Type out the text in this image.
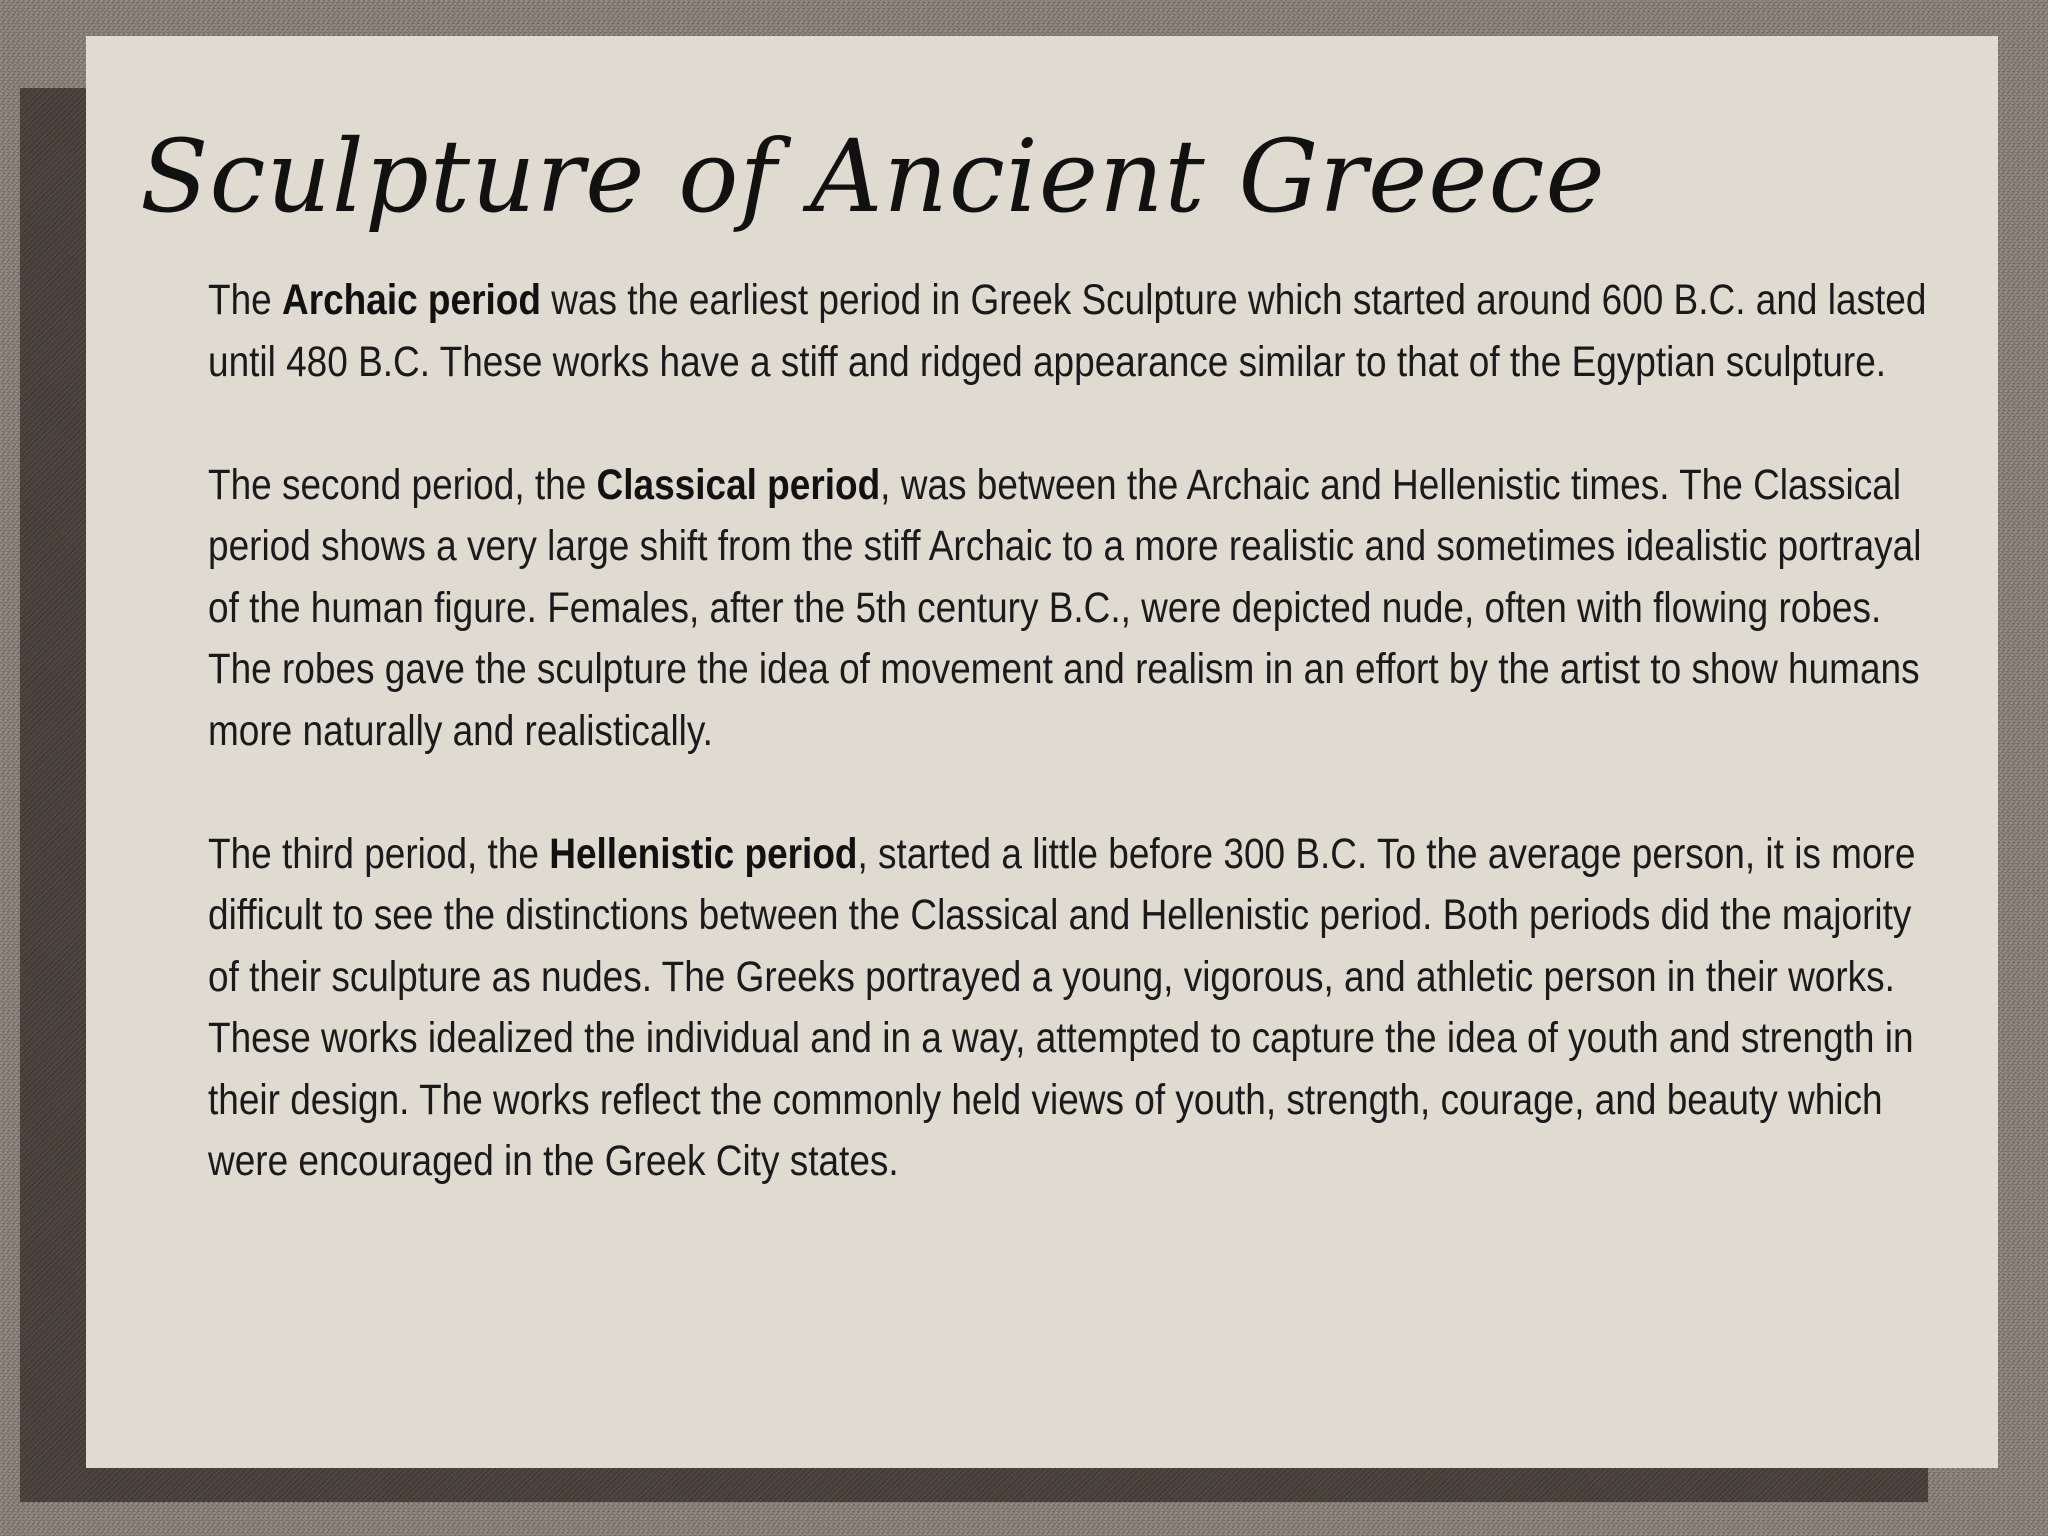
Sculpture of Ancient Greece

The Archaic period was the earliest period in Greek Sculpture which started around 600 B.C. and lasted until 480 B.C. These works have a stiff and ridged appearance similar to that of the Egyptian sculpture.

The second period, the Classical period, was between the Archaic and Hellenistic times. The Classical period shows a very large shift from the stiff Archaic to a more realistic and sometimes idealistic portrayal of the human figure. Females, after the 5th century B.C., were depicted nude, often with flowing robes. The robes gave the sculpture the idea of movement and realism in an effort by the artist to show humans more naturally and realistically.

The third period, the Hellenistic period, started a little before 300 B.C. To the average person, it is more difficult to see the distinctions between the Classical and Hellenistic period. Both periods did the majority of their sculpture as nudes. The Greeks portrayed a young, vigorous, and athletic person in their works. These works idealized the individual and in a way, attempted to capture the idea of youth and strength in their design. The works reflect the commonly held views of youth, strength, courage, and beauty which were encouraged in the Greek City states.
